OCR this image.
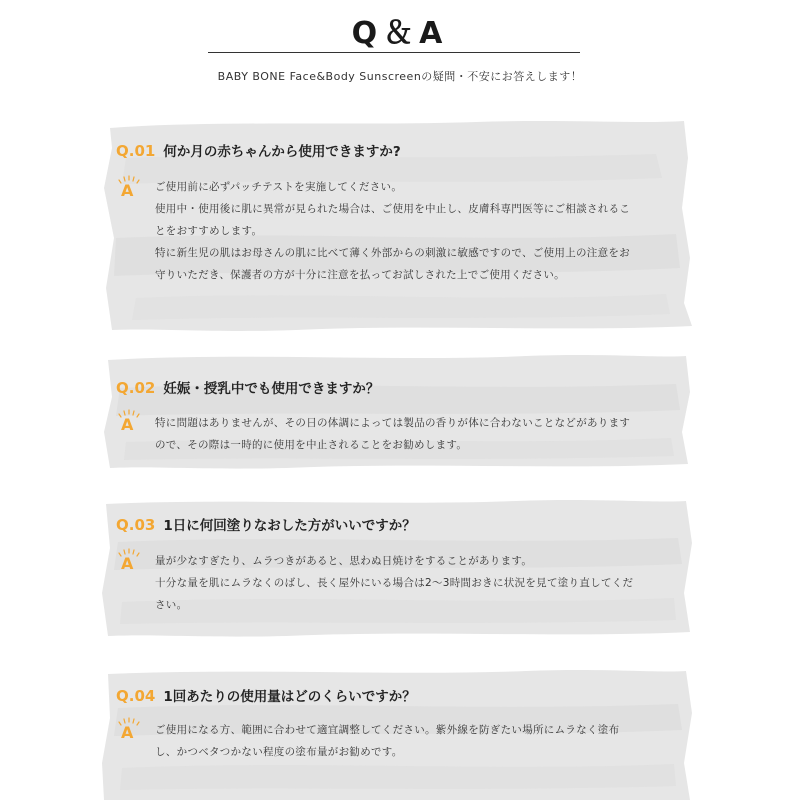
Q＆A
BABY BONE Face&Body Sunscreenの疑問・不安にお答えします！
Q.01 何か月の赤ちゃんから使用できますか?
A ご使用前に必ずパッチテストを実施してください。

使用中・使用後に肌に異常が見られた場合は、ご使用を中止し、皮膚科専門医等にご相談されるこ

とをおすすめします。

特に新生児の肌はお母さんの肌に比べて薄く外部からの刺激に敏感ですので、ご使用上の注意をお

守りいただき、保護者の方が十分に注意を払ってお試しされた上でご使用ください。

Q.02 妊娠・授乳中でも使用できますか？
A 特に問題はありませんが、その日の体調によっては製品の香りが体に合わないことなどがあります

ので、その際は一時的に使用を中止されることをお勧めします。

Q.03 1日に何回塗りなおした方がいいですか？
A 量が少なすぎたり、ムラつきがあると、思わぬ日焼けをすることがあります。

十分な量を肌にムラなくのばし、長く屋外にいる場合は2～3時間おきに状況を見て塗り直してくだ

さい。

Q.04 1回あたりの使用量はどのくらいですか？
A ご使用になる方、範囲に合わせて適宜調整してください。紫外線を防ぎたい場所にムラなく塗布

し、かつベタつかない程度の塗布量がお勧めです。
